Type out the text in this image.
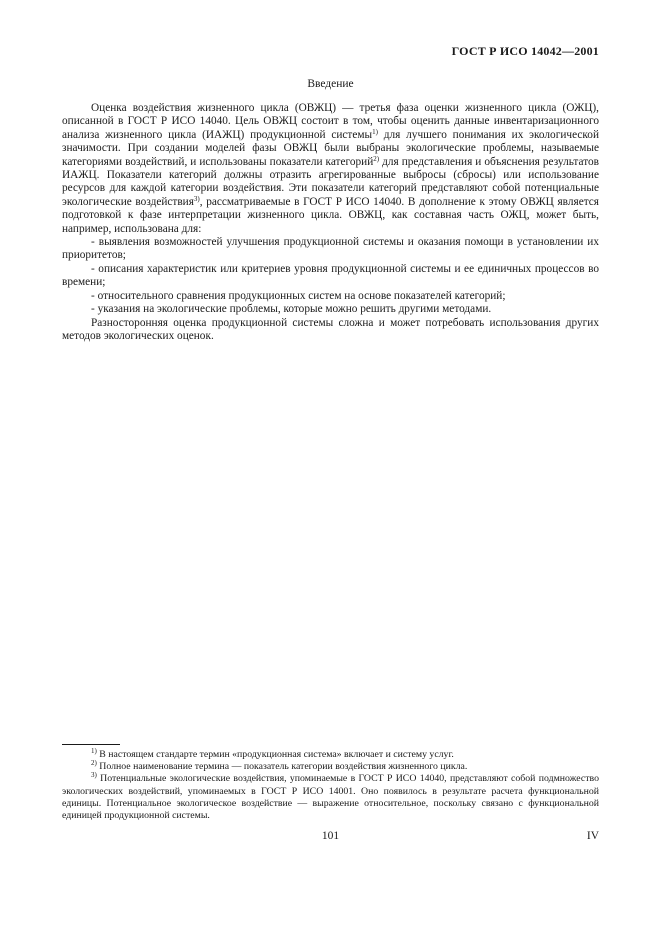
ГОСТ Р ИСО 14042—2001
Введение

Оценка воздействия жизненного цикла (ОВЖЦ) — третья фаза оценки жизненного цикла (ОЖЦ), описанной в ГОСТ Р ИСО 14040. Цель ОВЖЦ состоит в том, чтобы оценить данные инвентаризационного анализа жизненного цикла (ИАЖЦ) продукционной системы$^{1)}$ для лучшего понимания их экологической значимости. При создании моделей фазы ОВЖЦ были выбраны экологические проблемы, называемые категориями воздействий, и использованы показатели категорий$^{2)}$ для представления и объяснения результатов ИАЖЦ. Показатели категорий должны отразить агрегированные выбросы (сбросы) или использование ресурсов для каждой категории воздействия. Эти показатели категорий представляют собой потенциальные экологические воздействия$^{3)}$, рассматриваемые в ГОСТ Р ИСО 14040. В дополнение к этому ОВЖЦ является подготовкой к фазе интерпретации жизненного цикла. ОВЖЦ, как составная часть ОЖЦ, может быть, например, использована для:

- выявления возможностей улучшения продукционной системы и оказания помощи в установлении их приоритетов;

- описания характеристик или критериев уровня продукционной системы и ее единичных процессов во времени;

- относительного сравнения продукционных систем на основе показателей категорий;

- указания на экологические проблемы, которые можно решить другими методами.

Разносторонняя оценка продукционной системы сложна и может потребовать использования других методов экологических оценок.

$^{1)}$ В настоящем стандарте термин «продукционная система» включает и систему услуг.

$^{2)}$ Полное наименование термина — показатель категории воздействия жизненного цикла.

$^{3)}$ Потенциальные экологические воздействия, упоминаемые в ГОСТ Р ИСО 14040, представляют собой подмножество экологических воздействий, упоминаемых в ГОСТ Р ИСО 14001. Оно появилось в результате расчета функциональной единицы. Потенциальное экологическое воздействие — выражение относительное, поскольку связано с функциональной единицей продукционной системы.

101	IV
